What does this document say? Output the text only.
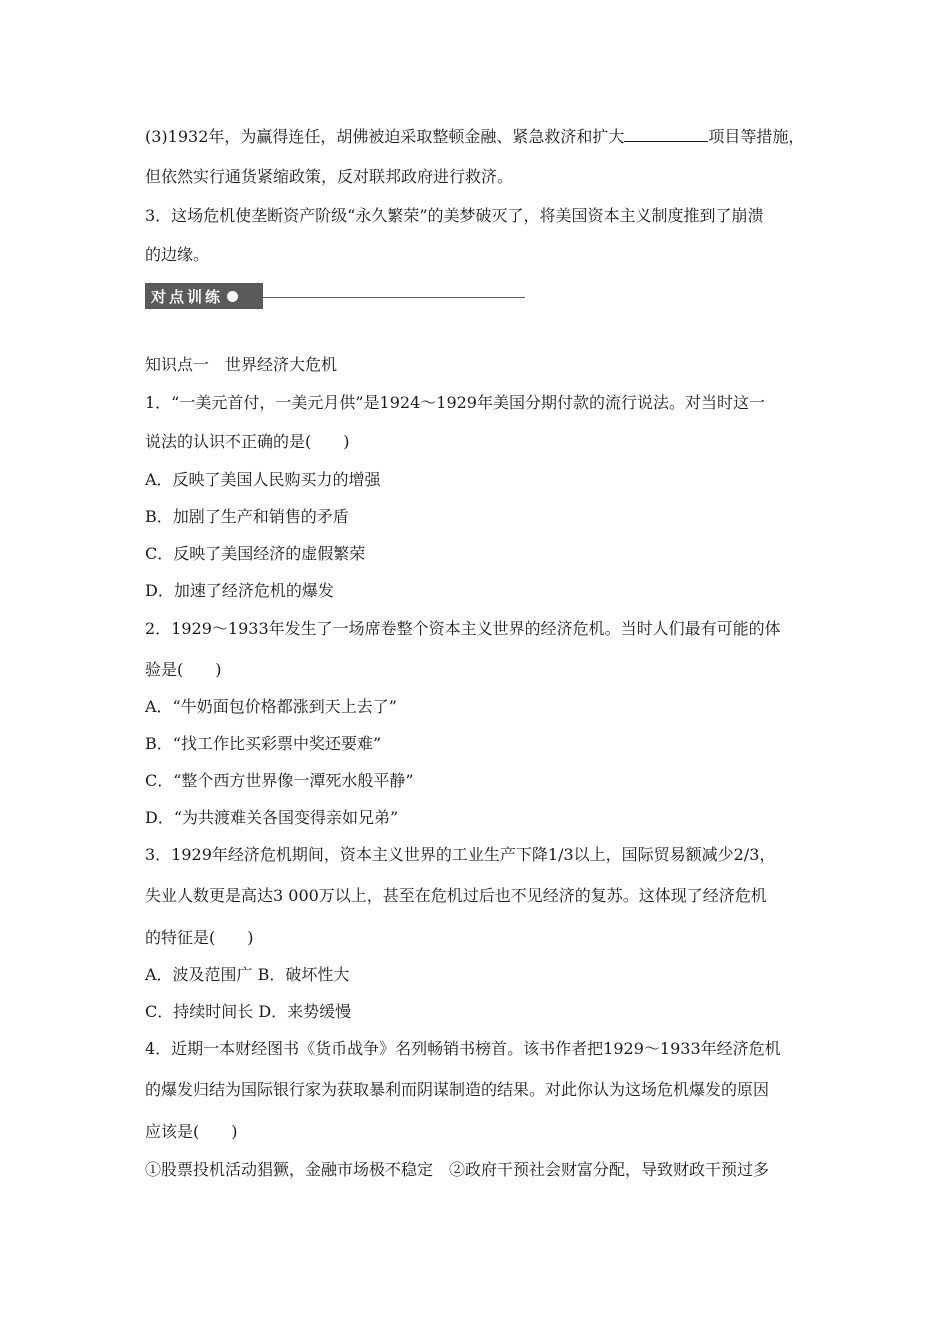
(3)1932年，为赢得连任，胡佛被迫采取整顿金融、紧急救济和扩大	项目等措施，
但依然实行通货紧缩政策，反对联邦政府进行救济。
3．这场危机使垄断资产阶级“永久繁荣”的美梦破灭了，将美国资本主义制度推到了崩溃
的边缘。
对点训练
知识点一　世界经济大危机
1．“一美元首付，一美元月供”是1924～1929年美国分期付款的流行说法。对当时这一
说法的认识不正确的是(　　)
A．反映了美国人民购买力的增强
B．加剧了生产和销售的矛盾
C．反映了美国经济的虚假繁荣
D．加速了经济危机的爆发
2．1929～1933年发生了一场席卷整个资本主义世界的经济危机。当时人们最有可能的体
验是(　　)
A．“牛奶面包价格都涨到天上去了”
B．“找工作比买彩票中奖还要难”
C．“整个西方世界像一潭死水般平静”
D．“为共渡难关各国变得亲如兄弟”
3．1929年经济危机期间，资本主义世界的工业生产下降1/3以上，国际贸易额减少2/3，
失业人数更是高达3 000万以上，甚至在危机过后也不见经济的复苏。这体现了经济危机
的特征是(　　)
A．波及范围广 B．破坏性大
C．持续时间长 D．来势缓慢
4．近期一本财经图书《货币战争》名列畅销书榜首。该书作者把1929～1933年经济危机
的爆发归结为国际银行家为获取暴利而阴谋制造的结果。对此你认为这场危机爆发的原因
应该是(　　)
①股票投机活动猖獗，金融市场极不稳定　②政府干预社会财富分配，导致财政干预过多
